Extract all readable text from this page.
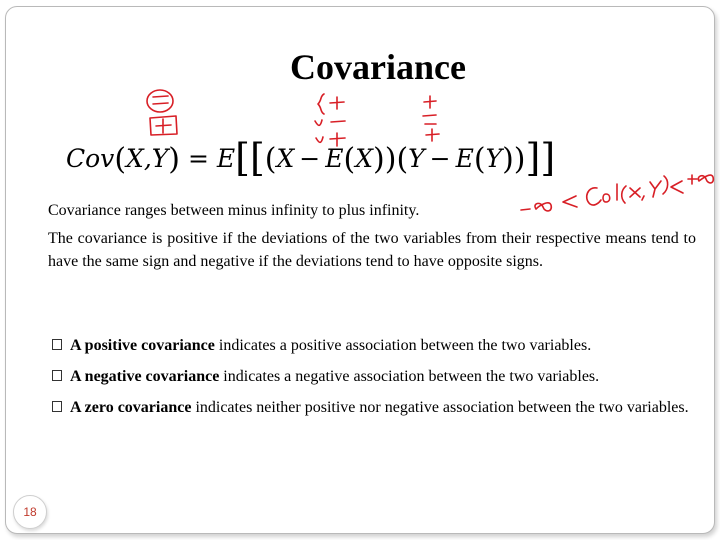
Covariance
Cov(X,Y) = E[[(X − E(X))(Y − E(Y))]]
Covariance ranges between minus infinity to plus infinity.
The covariance is positive if the deviations of the two variables from their respective means tend to have the same sign and negative if the deviations tend to have opposite signs.
A positive covariance indicates a positive association between the two variables.
A negative covariance indicates a negative association between the two variables.
A zero covariance indicates neither positive nor negative association between the two variables.
18
